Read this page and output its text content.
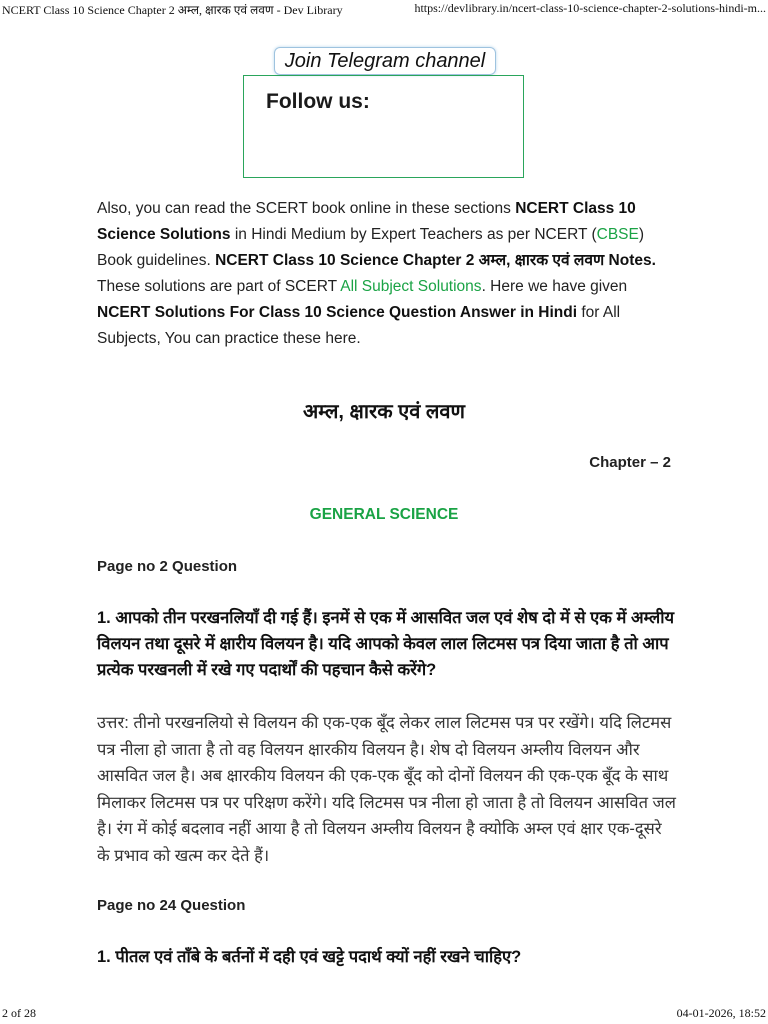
NCERT Class 10 Science Chapter 2 अम्ल, क्षारक एवं लवण - Dev Library	https://devlibrary.in/ncert-class-10-science-chapter-2-solutions-hindi-m...
Join Telegram channel
Follow us:

Also, you can read the SCERT book online in these sections NCERT Class 10 Science Solutions in Hindi Medium by Expert Teachers as per NCERT (CBSE) Book guidelines. NCERT Class 10 Science Chapter 2 अम्ल, क्षारक एवं लवण Notes. These solutions are part of SCERT All Subject Solutions. Here we have given NCERT Solutions For Class 10 Science Question Answer in Hindi for All Subjects, You can practice these here.

अम्ल, क्षारक एवं लवण
Chapter – 2
GENERAL SCIENCE
Page no 2 Question
1. आपको तीन परखनलियाँ दी गई हैं। इनमें से एक में आसवित जल एवं शेष दो में से एक में अम्लीय विलयन तथा दूसरे में क्षारीय विलयन है। यदि आपको केवल लाल लिटमस पत्र दिया जाता है तो आप प्रत्येक परखनली में रखे गए पदार्थों की पहचान कैसे करेंगे?
उत्तर: तीनो परखनलियो से विलयन की एक-एक बूँद लेकर लाल लिटमस पत्र पर रखेंगे। यदि लिटमस पत्र नीला हो जाता है तो वह विलयन क्षारकीय विलयन है। शेष दो विलयन अम्लीय विलयन और आसवित जल है। अब क्षारकीय विलयन की एक-एक बूँद को दोनों विलयन की एक-एक बूँद के साथ मिलाकर लिटमस पत्र पर परिक्षण करेंगे। यदि लिटमस पत्र नीला हो जाता है तो विलयन आसवित जल है। रंग में कोई बदलाव नहीं आया है तो विलयन अम्लीय विलयन है क्योकि अम्ल एवं क्षार एक-दूसरे के प्रभाव को खत्म कर देते हैं।
Page no 24 Question
1. पीतल एवं ताँबे के बर्तनों में दही एवं खट्टे पदार्थ क्यों नहीं रखने चाहिए?
2 of 28	04-01-2026, 18:52
